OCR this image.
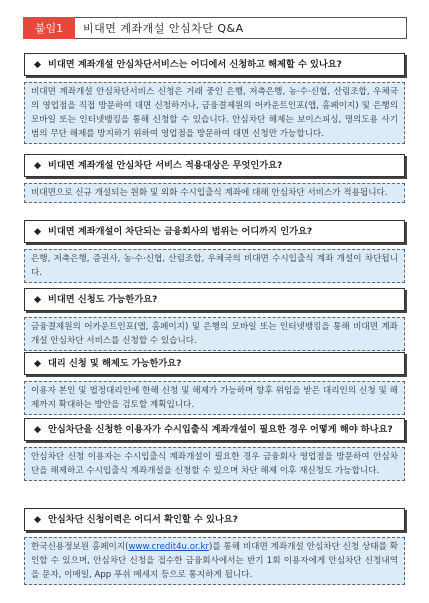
붙임1	비대면 계좌개설 안심차단 Q&A
◆ 비대면 계좌개설 안심차단서비스는 어디에서 신청하고 해제할 수 있나요?
비대면 계좌개설 안심차단서비스 신청은 거래 중인 은행, 저축은행, 농·수·신협, 산림조합, 우체국의 영업점을 직접 방문하여 대면 신청하거나, 금융결제원의 어카운트인포(앱, 홈페이지) 및 은행의 모바일 또는 인터넷뱅킹을 통해 신청할 수 있습니다. 안심차단 해제는 보이스피싱, 명의도용 사기범의 무단 해제를 방지하기 위하여 영업점을 방문하여 대면 신청만 가능합니다.
◆ 비대면 계좌개설 안심차단 서비스 적용대상은 무엇인가요?
비대면으로 신규 개설되는 원화 및 외화 수시입출식 계좌에 대해 안심차단 서비스가 적용됩니다.
◆ 비대면 계좌개설이 차단되는 금융회사의 범위는 어디까지 인가요?
은행, 저축은행, 증권사, 농·수·신협, 산림조합, 우체국의 비대면 수시입출식 계좌 개설이 차단됩니다.
◆ 비대면 신청도 가능한가요?
금융결제원의 어카운트인포(앱, 홈페이지) 및 은행의 모바일 또는 인터넷뱅킹을 통해 비대면 계좌개설 안심차단 서비스를 신청할 수 있습니다.
◆ 대리 신청 및 해제도 가능한가요?
이용자 본인 및 법정대리인에 한해 신청 및 해제가 가능하며 향후 위임을 받은 대리인의 신청 및 해제까지 확대하는 방안을 검토할 계획입니다.
◆ 안심차단을 신청한 이용자가 수시입출식 계좌개설이 필요한 경우 어떻게 해야 하나요?
안심차단 신청 이용자는 수시입출식 계좌개설이 필요한 경우 금융회사 영업점을 방문하여 안심차단을 해제하고 수시입출식 계좌개설을 신청할 수 있으며 차단 해제 이후 재신청도 가능합니다.
◆ 안심차단 신청이력은 어디서 확인할 수 있나요?
한국신용정보원 홈페이지(www.credit4u.or.kr)를 통해 비대면 계좌개설 안심차단 신청 상태를 확인할 수 있으며, 안심차단 신청을 접수한 금융회사에서는 반기 1회 이용자에게 안심차단 신청내역을 문자, 이메일, App 푸쉬 메세지 등으로 통지하게 됩니다.
